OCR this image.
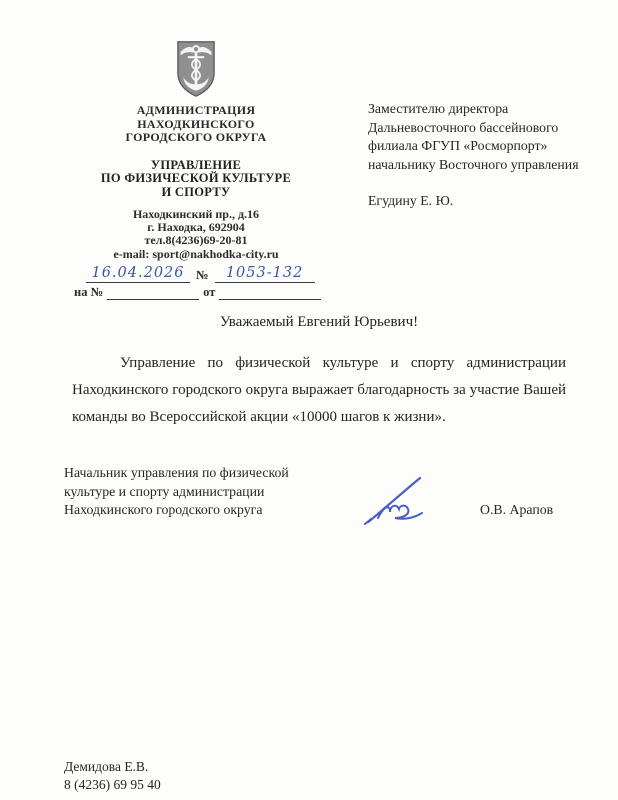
АДМИНИСТРАЦИЯ
НАХОДКИНСКОГО
ГОРОДСКОГО ОКРУГА
УПРАВЛЕНИЕ
ПО ФИЗИЧЕСКОЙ КУЛЬТУРЕ
И СПОРТУ
Находкинский пр., д.16
г. Находка, 692904
тел.8(4236)69-20-81
e-mail: sport@nakhodka-city.ru
16.04.2026 №	1053-132
на №
	от

Заместителю директора
Дальневосточного бассейнового
филиала ФГУП «Росморпорт»
начальнику Восточного управления
Егудину Е. Ю.
Уважаемый Евгений Юрьевич!
Управление по физической культуре и спорту администрации Находкинского городского округа выражает благодарность за участие Вашей команды во Всероссийской акции «10000 шагов к жизни».
Начальник управления по физической
культуре и спорту администрации
Находкинского городского округа	О.В. Арапов
Демидова Е.В.
8 (4236) 69 95 40
